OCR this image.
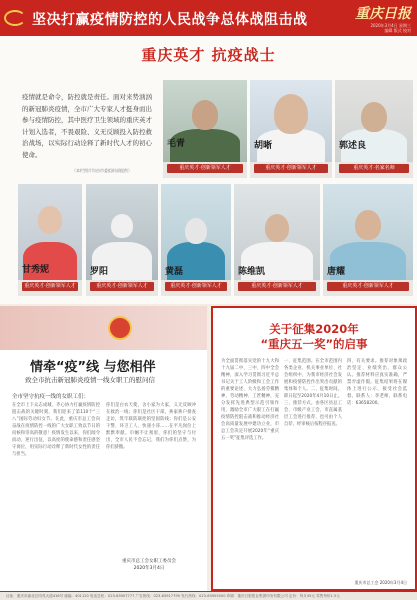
坚决打赢疫情防控的人民战争总体战阻击战	重庆日报
2020年3月4日 星期三
编辑 版式 校对
重庆英才 抗疫战士
疫情就是命令，防控就是责任。面对来势汹汹的新冠肺炎疫情，全市广大专家人才挺身而出参与疫情防控，其中医疗卫生领域的重庆英才计划入选者，不畏艰险、义无反顾投入防控救治战场，以实际行动诠释了新时代人才的初心使命。
（本栏图片均由市委组织部提供）
毛青
重庆英才·创新领军人才
胡晰
重庆英才·创新领军人才
郭述良
重庆英才·名家名师
甘秀妮
重庆英才·创新领军人才
罗阳
重庆英才·创新领军人才
黄磊
重庆英才·创新领军人才
陈维凯
重庆英才·创新领军人才
唐耀
重庆英才·创新领军人才
情牵“疫”线 与您相伴
致全市抗击新冠肺炎疫情一线女职工的慰问信
全市坚守抗疫一线的女职工们：
在全市上下众志成城、齐心协力打赢疫情防控阻击战的关键时刻，我们迎来了第110个“三八”国际劳动妇女节。在此，重庆市总工会向奋战在疫情防控一线的广大女职工致以节日的问候和崇高的敬意！疫情发生以来，你们闻令而动、逆行出征，以高度的使命感和责任感坚守岗位，用实际行动诠释了新时代女性的责任与担当。
你们是白衣天使，舍小家为大家，义无反顾冲在救治一线；你们是社区干部，挨家挨户排查走访，筑牢联防联控的坚固防线；你们是公安干警、环卫工人、快递小哥……在平凡岗位上默默奉献。巾帼不让须眉，你们的坚守与付出，全市人民不会忘记，我们为你们点赞，为你们骄傲。
重庆市总工会女职工委员会
2020年3月4日
关于征集2020年
“重庆五一奖”的启事
为全面贯彻落实党的十九大和十九届二中、三中、四中全会精神，深入学习贯彻习近平总书记关于工人阶级和工会工作的重要论述，大力弘扬劳模精神、劳动精神、工匠精神，充分发挥先进典型示范引领作用，激励全市广大职工在打赢疫情防控阻击战和推动经济社会高质量发展中建功立业，市总工会决定开展2020年“重庆五一奖”征集评选工作。
一、征集范围。在全市范围内各类企业、机关事业单位、社会组织中，为我市经济社会发展和疫情防控作出突出贡献的集体和个人。二、征集时间。即日起至2020年4月10日止。三、推荐方式。由各区县总工会、市级产业工会、市直属基层工会进行推荐，也可由个人自荐，经审核后按程序报送。
四、有关要求。推荐对象须政治坚定、业绩突出、群众公认。推荐材料应真实准确，严禁弄虚作假。征集结果将在媒体上进行公示，接受社会监督。联系人：李老师，联系电话：63658200。
重庆市总工会 2020年3月4日
社址：重庆市渝北区同茂大道416号 邮编：401120 电话总机：023-63907777 广告热线：023-63917799 发行热线：023-63905000 印刷：重庆日报报业集团印务有限公司 定价：每月45元 零售每份1.5元
